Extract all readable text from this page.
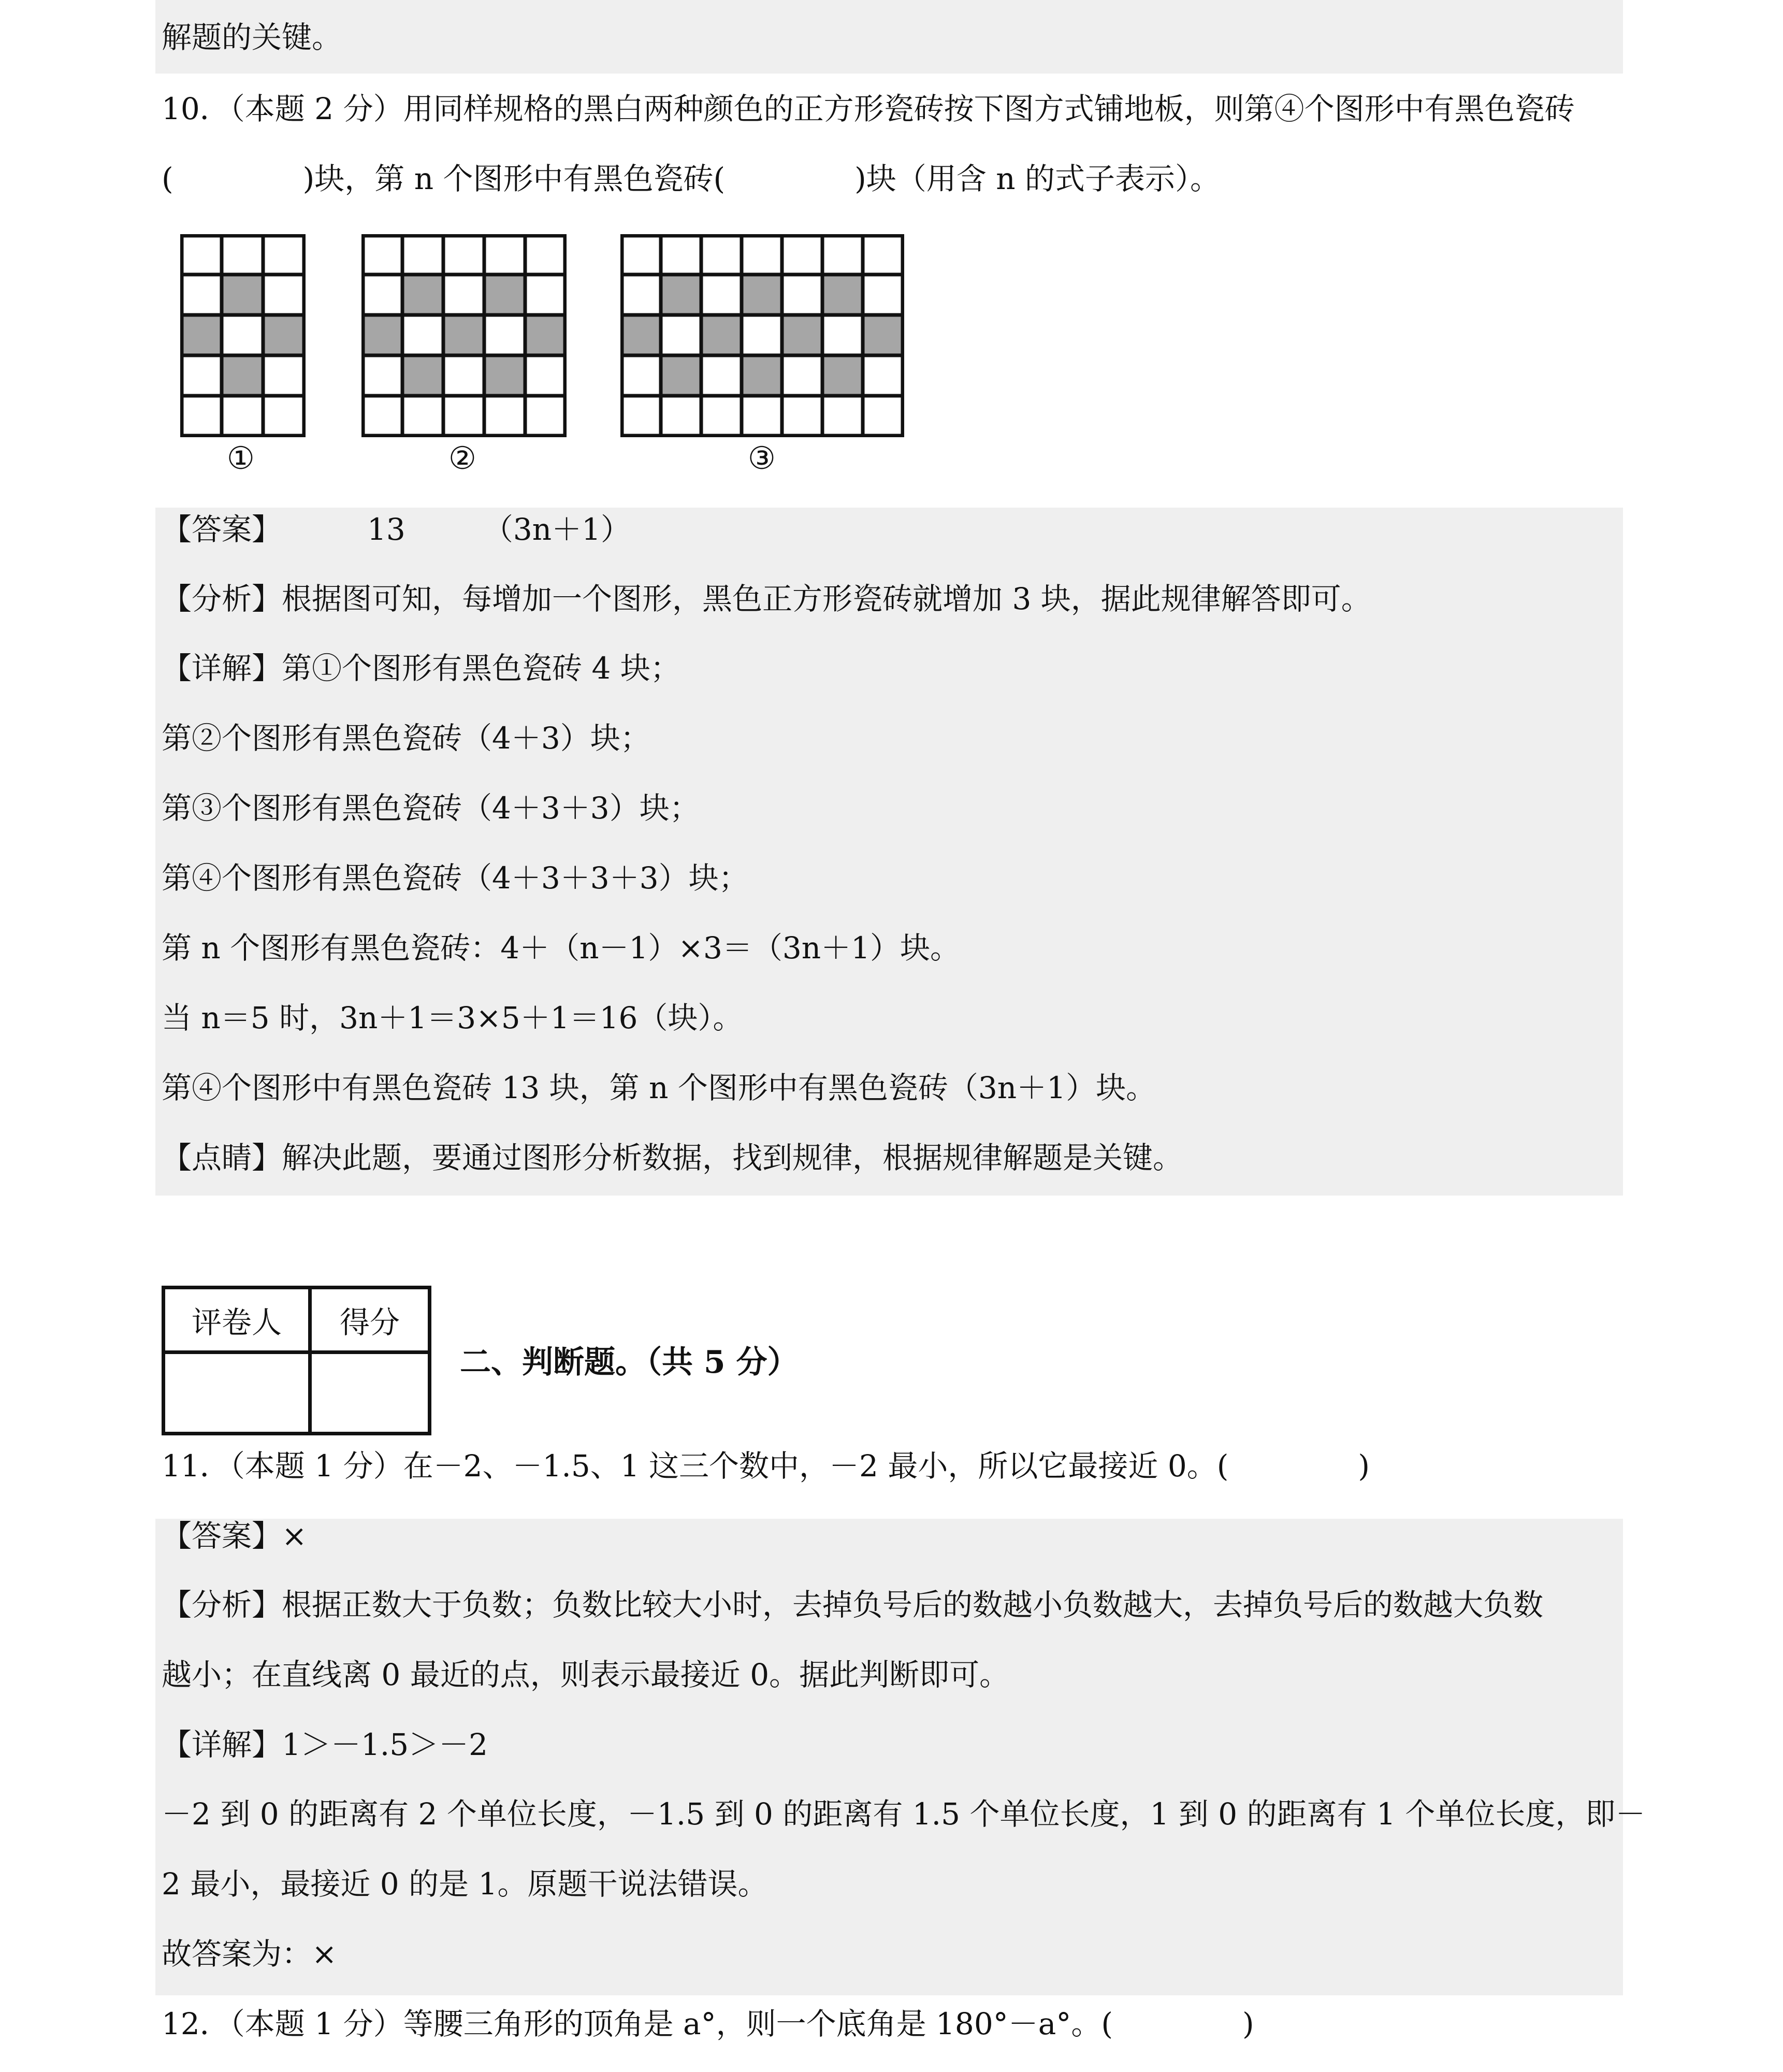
解题的关键。
10．（本题 2 分）用同样规格的黑白两种颜色的正方形瓷砖按下图方式铺地板，则第④个图形中有黑色瓷砖
(	)块，第 n 个图形中有黑色瓷砖(	)块（用含 n 的式子表示）。
①	②	③
【答案】	13	（3n＋1）
【分析】根据图可知，每增加一个图形，黑色正方形瓷砖就增加 3 块，据此规律解答即可。
【详解】第①个图形有黑色瓷砖 4 块；
第②个图形有黑色瓷砖（4＋3）块；
第③个图形有黑色瓷砖（4＋3＋3）块；
第④个图形有黑色瓷砖（4＋3＋3＋3）块；
第 n 个图形有黑色瓷砖：4＋（n－1）×3＝（3n＋1）块。
当 n＝5 时，3n＋1＝3×5＋1＝16（块）。
第④个图形中有黑色瓷砖 13 块，第 n 个图形中有黑色瓷砖（3n＋1）块。
【点睛】解决此题，要通过图形分析数据，找到规律，根据规律解题是关键。
评卷人	得分

二、判断题。（共 5 分）
11．（本题 1 分）在－2、－1.5、1 这三个数中，－2 最小，所以它最接近 0。(	)
【答案】×
【分析】根据正数大于负数；负数比较大小时，去掉负号后的数越小负数越大，去掉负号后的数越大负数
越小；在直线离 0 最近的点，则表示最接近 0。据此判断即可。
【详解】1＞－1.5＞－2
－2 到 0 的距离有 2 个单位长度，－1.5 到 0 的距离有 1.5 个单位长度，1 到 0 的距离有 1 个单位长度，即－
2 最小，最接近 0 的是 1。原题干说法错误。
故答案为：×
12．（本题 1 分）等腰三角形的顶角是 a°，则一个底角是 180°－a°。(	)
